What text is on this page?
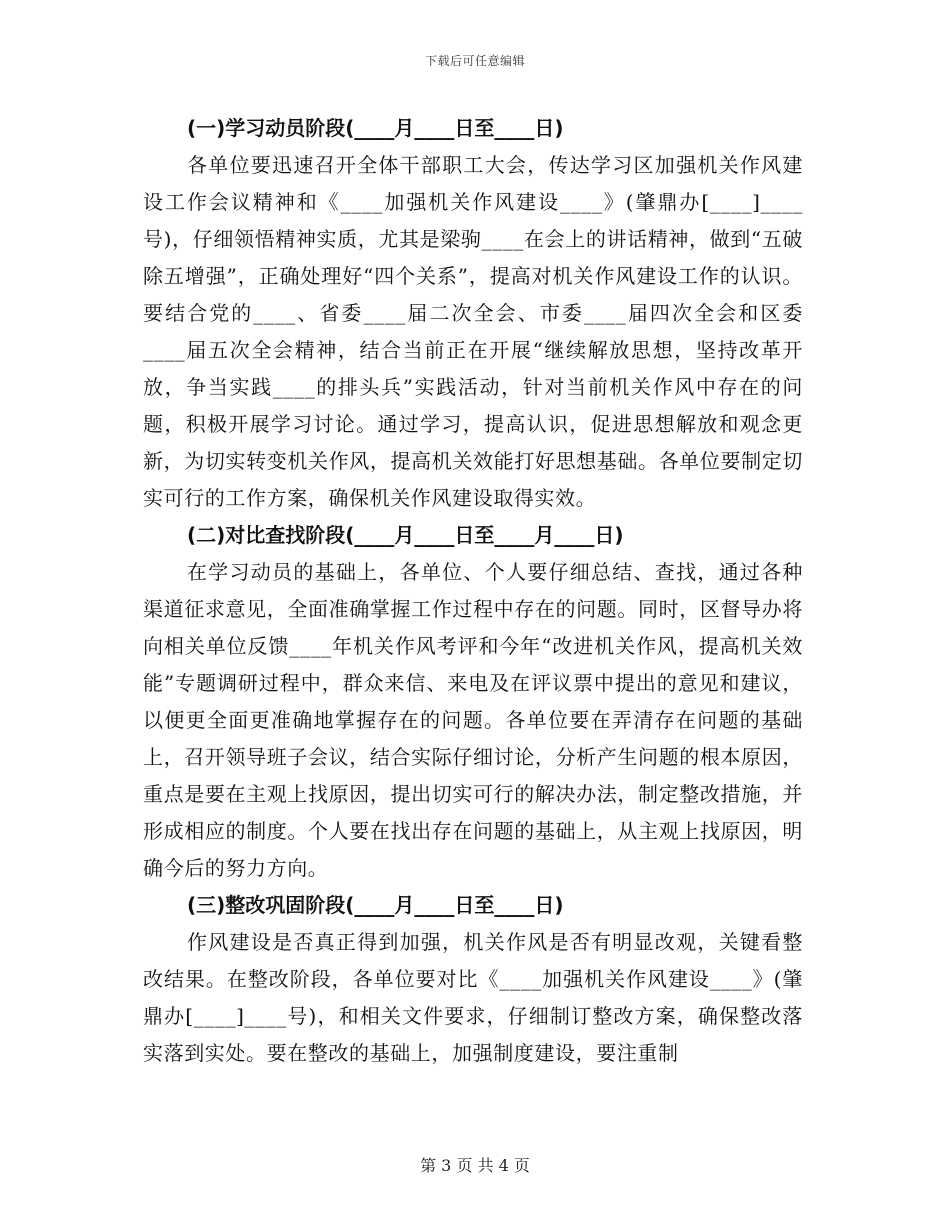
下载后可任意编辑
(一)学习动员阶段(____月____日至____日)

各单位要迅速召开全体干部职工大会，传达学习区加强机关作风建设工作会议精神和《____加强机关作风建设____》(肇鼎办[____]____号)，仔细领悟精神实质，尤其是梁驹____在会上的讲话精神，做到“五破除五增强”，正确处理好“四个关系”，提高对机关作风建设工作的认识。要结合党的____、省委____届二次全会、市委____届四次全会和区委____届五次全会精神，结合当前正在开展“继续解放思想，坚持改革开放，争当实践____的排头兵”实践活动，针对当前机关作风中存在的问题，积极开展学习讨论。通过学习，提高认识，促进思想解放和观念更新，为切实转变机关作风，提高机关效能打好思想基础。各单位要制定切实可行的工作方案，确保机关作风建设取得实效。

(二)对比查找阶段(____月____日至____月____日)

在学习动员的基础上，各单位、个人要仔细总结、查找，通过各种渠道征求意见，全面准确掌握工作过程中存在的问题。同时，区督导办将向相关单位反馈____年机关作风考评和今年“改进机关作风，提高机关效能”专题调研过程中，群众来信、来电及在评议票中提出的意见和建议，以便更全面更准确地掌握存在的问题。各单位要在弄清存在问题的基础上，召开领导班子会议，结合实际仔细讨论，分析产生问题的根本原因，重点是要在主观上找原因，提出切实可行的解决办法，制定整改措施，并形成相应的制度。个人要在找出存在问题的基础上，从主观上找原因，明确今后的努力方向。

(三)整改巩固阶段(____月____日至____日)

作风建设是否真正得到加强，机关作风是否有明显改观，关键看整改结果。在整改阶段，各单位要对比《____加强机关作风建设____》(肇鼎办[____]____号)，和相关文件要求，仔细制订整改方案，确保整改落实落到实处。要在整改的基础上，加强制度建设，要注重制

第 3 页 共 4 页
